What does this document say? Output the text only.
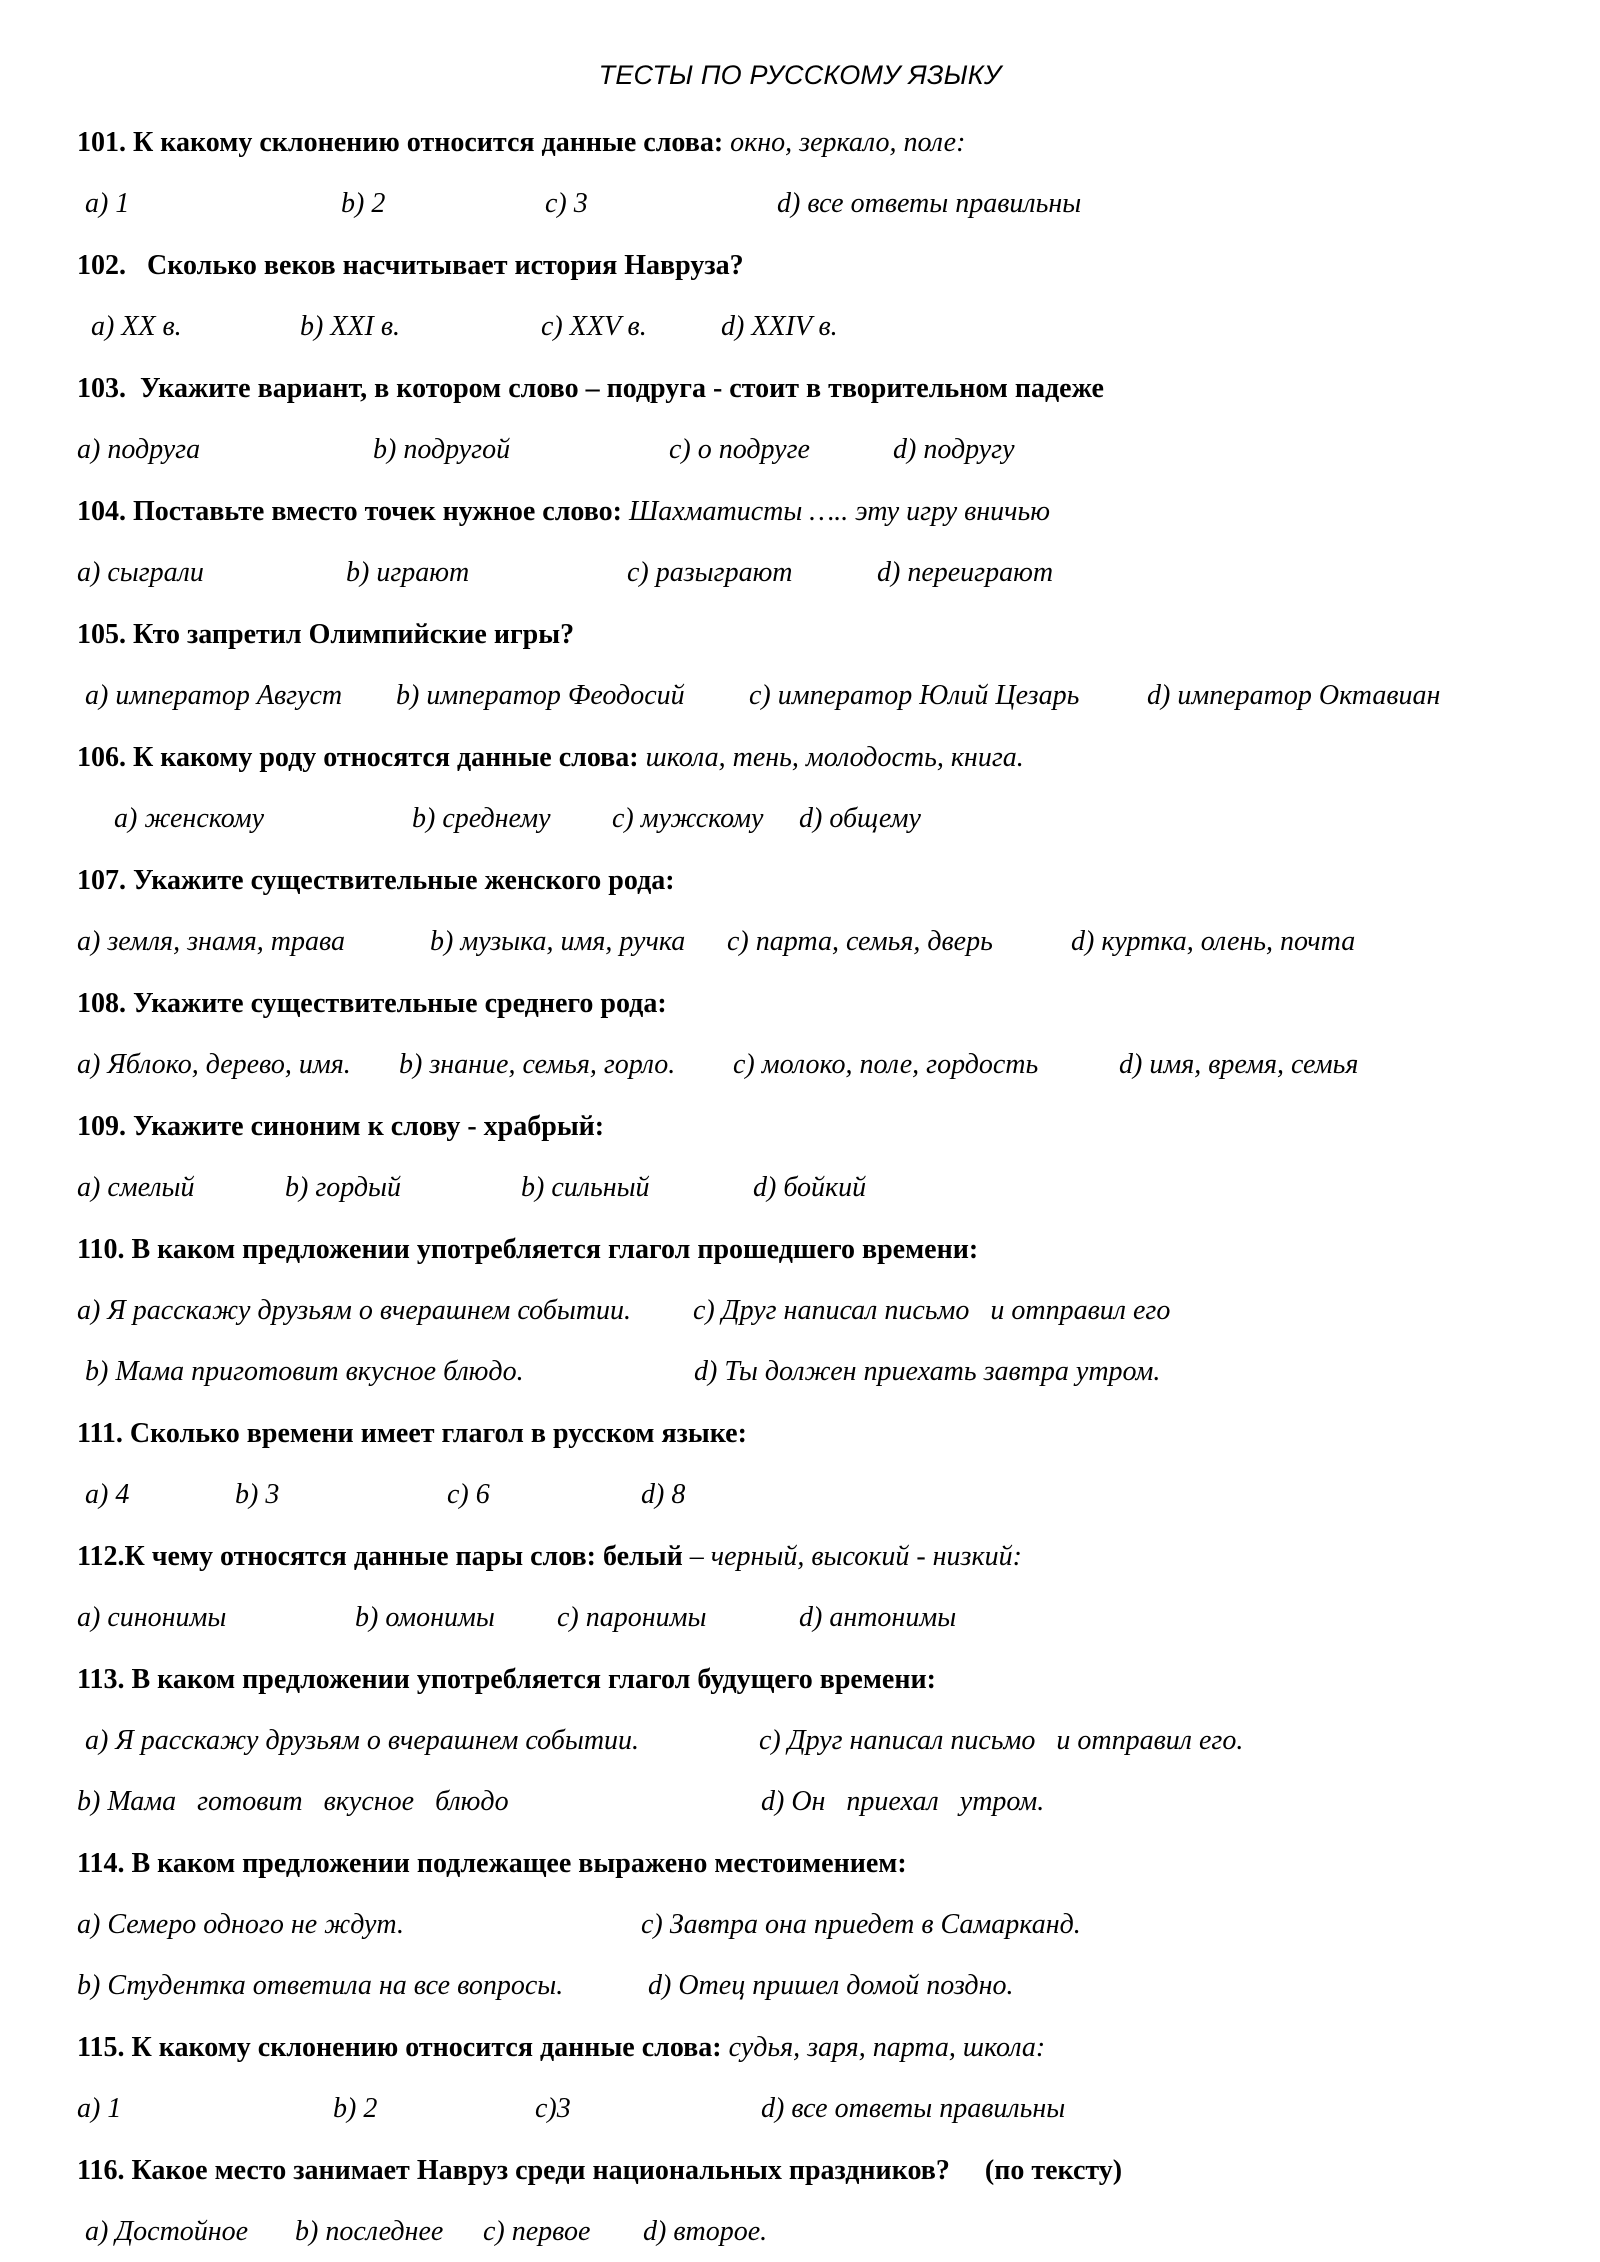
ТЕСТЫ ПО РУССКОМУ ЯЗЫКУ
101. К какому склонению относится данные слова: окно, зеркало, поле:
a) 1	b) 2	c) 3	d) все ответы правильны
102.   Сколько веков насчитывает история Навруза?
a) XX в.	b) XXI в.	c) XXV в.	d) XXIV в.
103.  Укажите вариант, в котором слово – подруга - стоит в творительном падеже
a) подруга	b) подругой	c) о подруге	d) подругу
104. Поставьте вместо точек нужное слово: Шахматисты ….. эту игру вничью
a) сыграли	b) играют	c) разыграют	d) переиграют
105. Кто запретил Олимпийские игры?
a) император Август b) император Феодосий c) император Юлий Цезарь d) император Октавиан
106. К какому роду относятся данные слова: школа, тень, молодость, книга.
a) женскому	b) среднему c) мужскому d) общему
107. Укажите существительные женского рода:
a) земля, знамя, трава	b) музыка, имя, ручка c) парта, семья, дверь	d) куртка, олень, почта
108. Укажите существительные среднего рода:
a) Яблоко, дерево, имя. b) знание, семья, горло. c) молоко, поле, гордость	d) имя, время, семья
109. Укажите синоним к слову - храбрый:
a) смелый	b) гордый	b) сильный	d) бойкий
110. В каком предложении употребляется глагол прошедшего времени:
a) Я расскажу друзьям о вчерашнем событии. c) Друг написал письмо   и отправил его
b) Мама приготовит вкусное блюдо.	d) Ты должен приехать завтра утром.
111. Сколько времени имеет глагол в русском языке:
a) 4	b) 3	c) 6	d) 8
112.К чему относятся данные пары слов: белый – черный, высокий - низкий:
a) синонимы	b) омонимы c) паронимы	d) антонимы
113. В каком предложении употребляется глагол будущего времени:
a) Я расскажу друзьям о вчерашнем событии.	c) Друг написал письмо   и отправил его.
b) Мама   готовит   вкусное   блюдо	d) Он   приехал   утром.
114. В каком предложении подлежащее выражено местоимением:
a) Семеро одного не ждут.	c) Завтра она приедет в Самарканд.
b) Студентка ответила на все вопросы.	d) Отец пришел домой поздно.
115. К какому склонению относится данные слова: судья, заря, парта, школа:
a) 1	b) 2	c)3	d) все ответы правильны
116. Какое место занимает Навруз среди национальных праздников?     (по тексту)
a) Достойное b) последнее c) первое d) второе.
